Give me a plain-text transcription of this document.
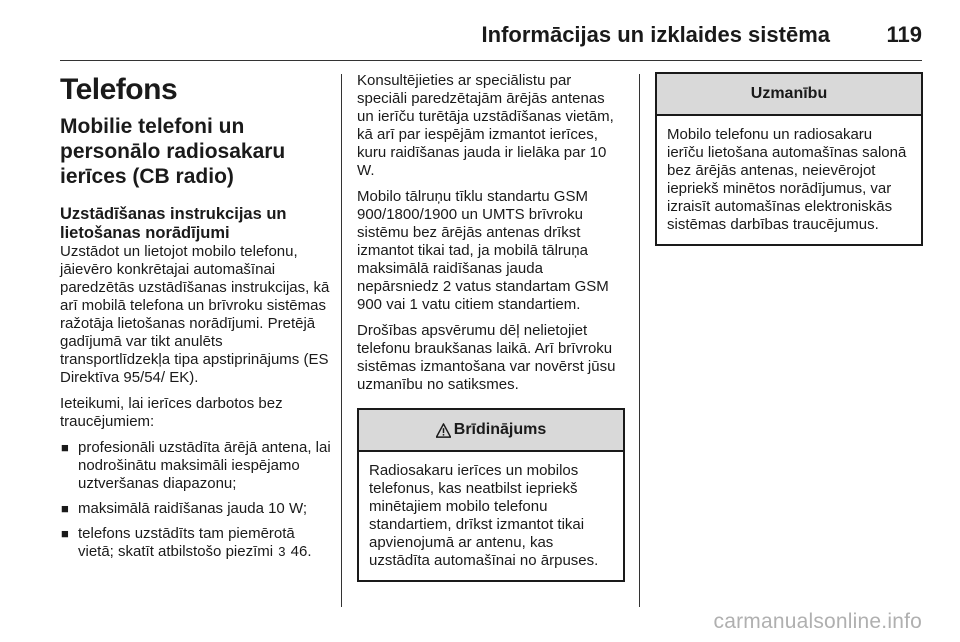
Informācijas un izklaides sistēma	119
Telefons
Mobilie telefoni un personālo radiosakaru ierīces (CB radio)
Uzstādīšanas instrukcijas un lietošanas norādījumi

Uzstādot un lietojot mobilo telefonu, jāievēro konkrētajai automašīnai paredzētās uzstādīšanas instrukcijas, kā arī mobilā telefona un brīvroku sistēmas ražotāja lietošanas norādījumi. Pretējā gadījumā var tikt anulēts transportlīdzekļa tipa apstiprinājums (ES Direktīva 95/54/ EK).

Ieteikumi, lai ierīces darbotos bez traucējumiem:

■ profesionāli uzstādīta ārējā antena, lai nodrošinātu maksimāli iespējamo uztveršanas diapazonu;
■ maksimālā raidīšanas jauda 10 W;
■ telefons uzstādīts tam piemērotā vietā; skatīt atbilstošo piezīmi 3 46.

Konsultējieties ar speciālistu par speciāli paredzētajām ārējās antenas un ierīču turētāja uzstādīšanas vietām, kā arī par iespējām izmantot ierīces, kuru raidīšanas jauda ir lielāka par 10 W.

Mobilo tālruņu tīklu standartu GSM 900/1800/1900 un UMTS brīvroku sistēmu bez ārējās antenas drīkst izmantot tikai tad, ja mobilā tālruņa maksimālā raidīšanas jauda nepārsniedz 2 vatus standartam GSM 900 vai 1 vatu citiem standartiem.

Drošības apsvērumu dēļ nelietojiet telefonu braukšanas laikā. Arī brīvroku sistēmas izmantošana var novērst jūsu uzmanību no satiksmes.

Brīdinājums
Radiosakaru ierīces un mobilos telefonus, kas neatbilst iepriekš minētajiem mobilo telefonu standartiem, drīkst izmantot tikai apvienojumā ar antenu, kas uzstādīta automašīnai no ārpuses.
Uzmanību
Mobilo telefonu un radiosakaru ierīču lietošana automašīnas salonā bez ārējās antenas, neievērojot iepriekš minētos norādījumus, var izraisīt automašīnas elektroniskās sistēmas darbības traucējumus.
carmanualsonline.info
